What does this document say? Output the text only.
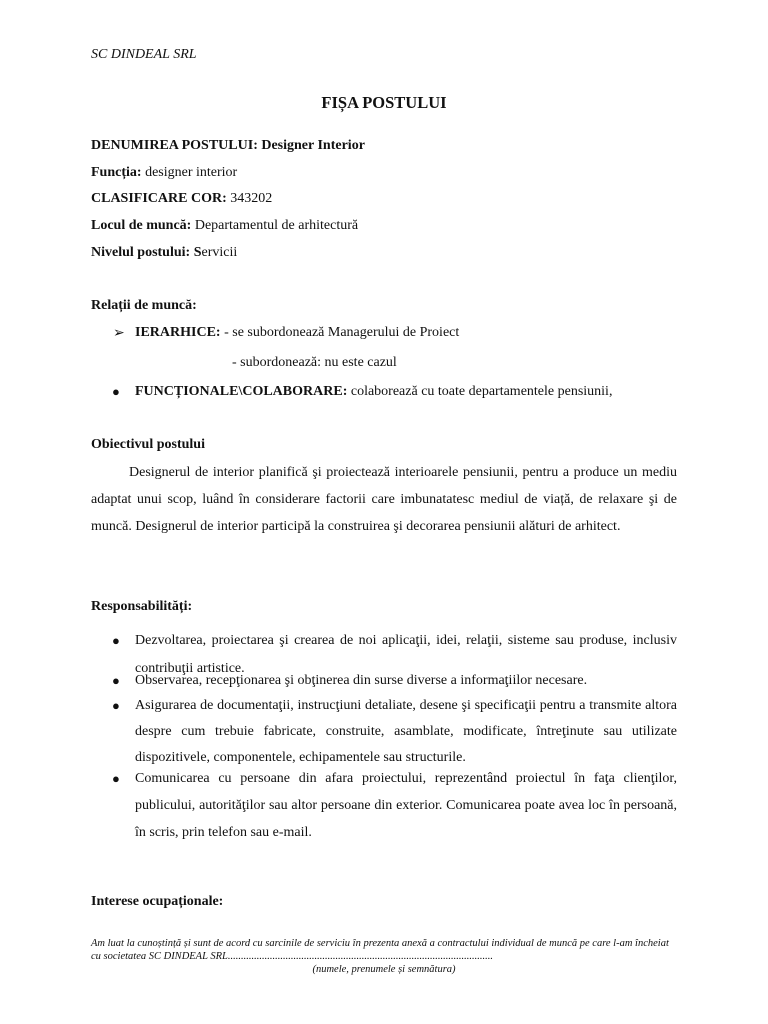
SC DINDEAL SRL
FIȘA POSTULUI
DENUMIREA POSTULUI: Designer Interior
Funcția: designer interior
CLASIFICARE COR: 343202
Locul de muncă: Departamentul de arhitectură
Nivelul postului: Servicii
Relații de muncă:
➢ IERARHICE: - se subordonează Managerului de Proiect
- subordonează: nu este cazul
● FUNCȚIONALE\COLABORARE: colaborează cu toate departamentele pensiunii,
Obiectivul postului
Designerul de interior planifică şi proiectează interioarele pensiunii, pentru a produce un mediu adaptat unui scop, luând în considerare factorii care imbunatatesc mediul de viață, de relaxare şi de muncă. Designerul de interior participă la construirea şi decorarea pensiunii alături de arhitect.
Responsabilități:
● Dezvoltarea, proiectarea şi crearea de noi aplicaţii, idei, relaţii, sisteme sau produse, inclusiv contribuţii artistice.
● Observarea, recepţionarea şi obţinerea din surse diverse a informaţiilor necesare.
● Asigurarea de documentaţii, instrucţiuni detaliate, desene şi specificaţii pentru a transmite altora despre cum trebuie fabricate, construite, asamblate, modificate, întreţinute sau utilizate dispozitivele, componentele, echipamentele sau structurile.
● Comunicarea cu persoane din afara proiectului, reprezentând proiectul în faţa clienţilor, publicului, autorităţilor sau altor persoane din exterior. Comunicarea poate avea loc în persoană, în scris, prin telefon sau e-mail.
Interese ocupaționale:
Am luat la cunoștință și sunt de acord cu sarcinile de serviciu în prezenta anexă a contractului individual de muncă pe care l-am încheiat cu societatea SC DINDEAL SRL.....................................................................................................
(numele, prenumele și semnătura)
